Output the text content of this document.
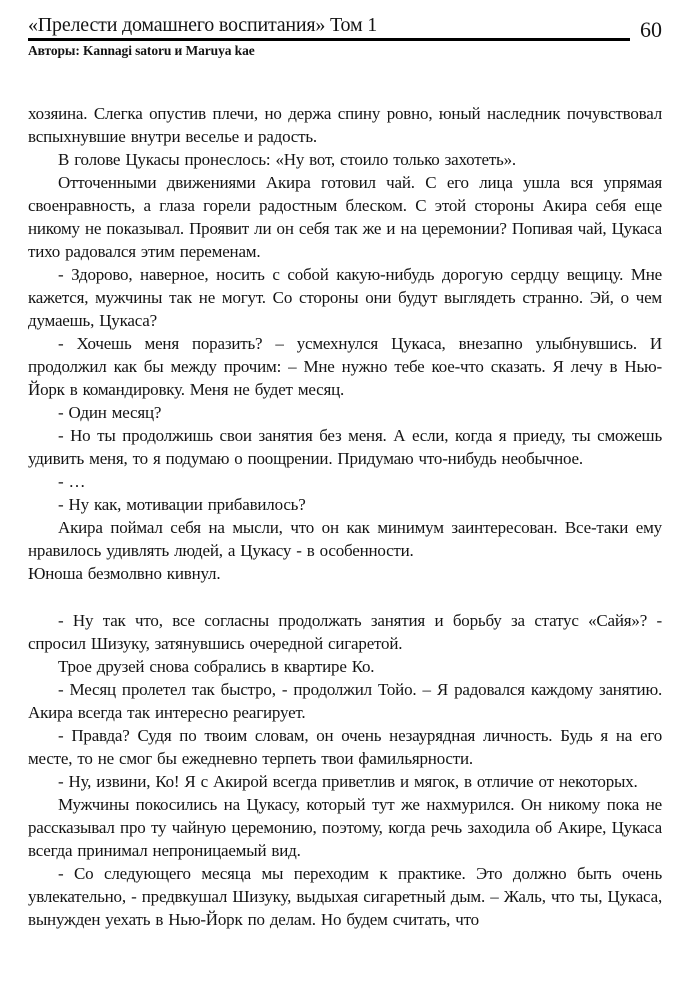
«Прелести домашнего воспитания» Том 1	60
Авторы: Kannagi satoru и Maruya kae

хозяина. Слегка опустив плечи, но держа спину ровно, юный наследник почувствовал вспыхнувшие внутри веселье и радость.

В голове Цукасы пронеслось: «Ну вот, стоило только захотеть».

Отточенными движениями Акира готовил чай. С его лица ушла вся упрямая своенравность, а глаза горели радостным блеском. С этой стороны Акира себя еще никому не показывал. Проявит ли он себя так же и на церемонии? Попивая чай, Цукаса тихо радовался этим переменам.

- Здорово, наверное, носить с собой какую-нибудь дорогую сердцу вещицу. Мне кажется, мужчины так не могут. Со стороны они будут выглядеть странно. Эй, о чем думаешь, Цукаса?

- Хочешь меня поразить? – усмехнулся Цукаса, внезапно улыбнувшись. И продолжил как бы между прочим: – Мне нужно тебе кое-что сказать. Я лечу в Нью-Йорк в командировку. Меня не будет месяц.

- Один месяц?

- Но ты продолжишь свои занятия без меня. А если, когда я приеду, ты сможешь удивить меня, то я подумаю о поощрении. Придумаю что-нибудь необычное.

- …

- Ну как, мотивации прибавилось?

Акира поймал себя на мысли, что он как минимум заинтересован. Все-таки ему нравилось удивлять людей, а Цукасу - в особенности.

Юноша безмолвно кивнул.

- Ну так что, все согласны продолжать занятия и борьбу за статус «Сайя»? - спросил Шизуку, затянувшись очередной сигаретой.

Трое друзей снова собрались в квартире Ко.

- Месяц пролетел так быстро, - продолжил Тойо. – Я радовался каждому занятию. Акира всегда так интересно реагирует.

- Правда? Судя по твоим словам, он очень незаурядная личность. Будь я на его месте, то не смог бы ежедневно терпеть твои фамильярности.

- Ну, извини, Ко! Я с Акирой всегда приветлив и мягок, в отличие от некоторых.

Мужчины покосились на Цукасу, который тут же нахмурился. Он никому пока не рассказывал про ту чайную церемонию, поэтому, когда речь заходила об Акире, Цукаса всегда принимал непроницаемый вид.

- Со следующего месяца мы переходим к практике. Это должно быть очень увлекательно, - предвкушал Шизуку, выдыхая сигаретный дым. – Жаль, что ты, Цукаса, вынужден уехать в Нью-Йорк по делам. Но будем считать, что
